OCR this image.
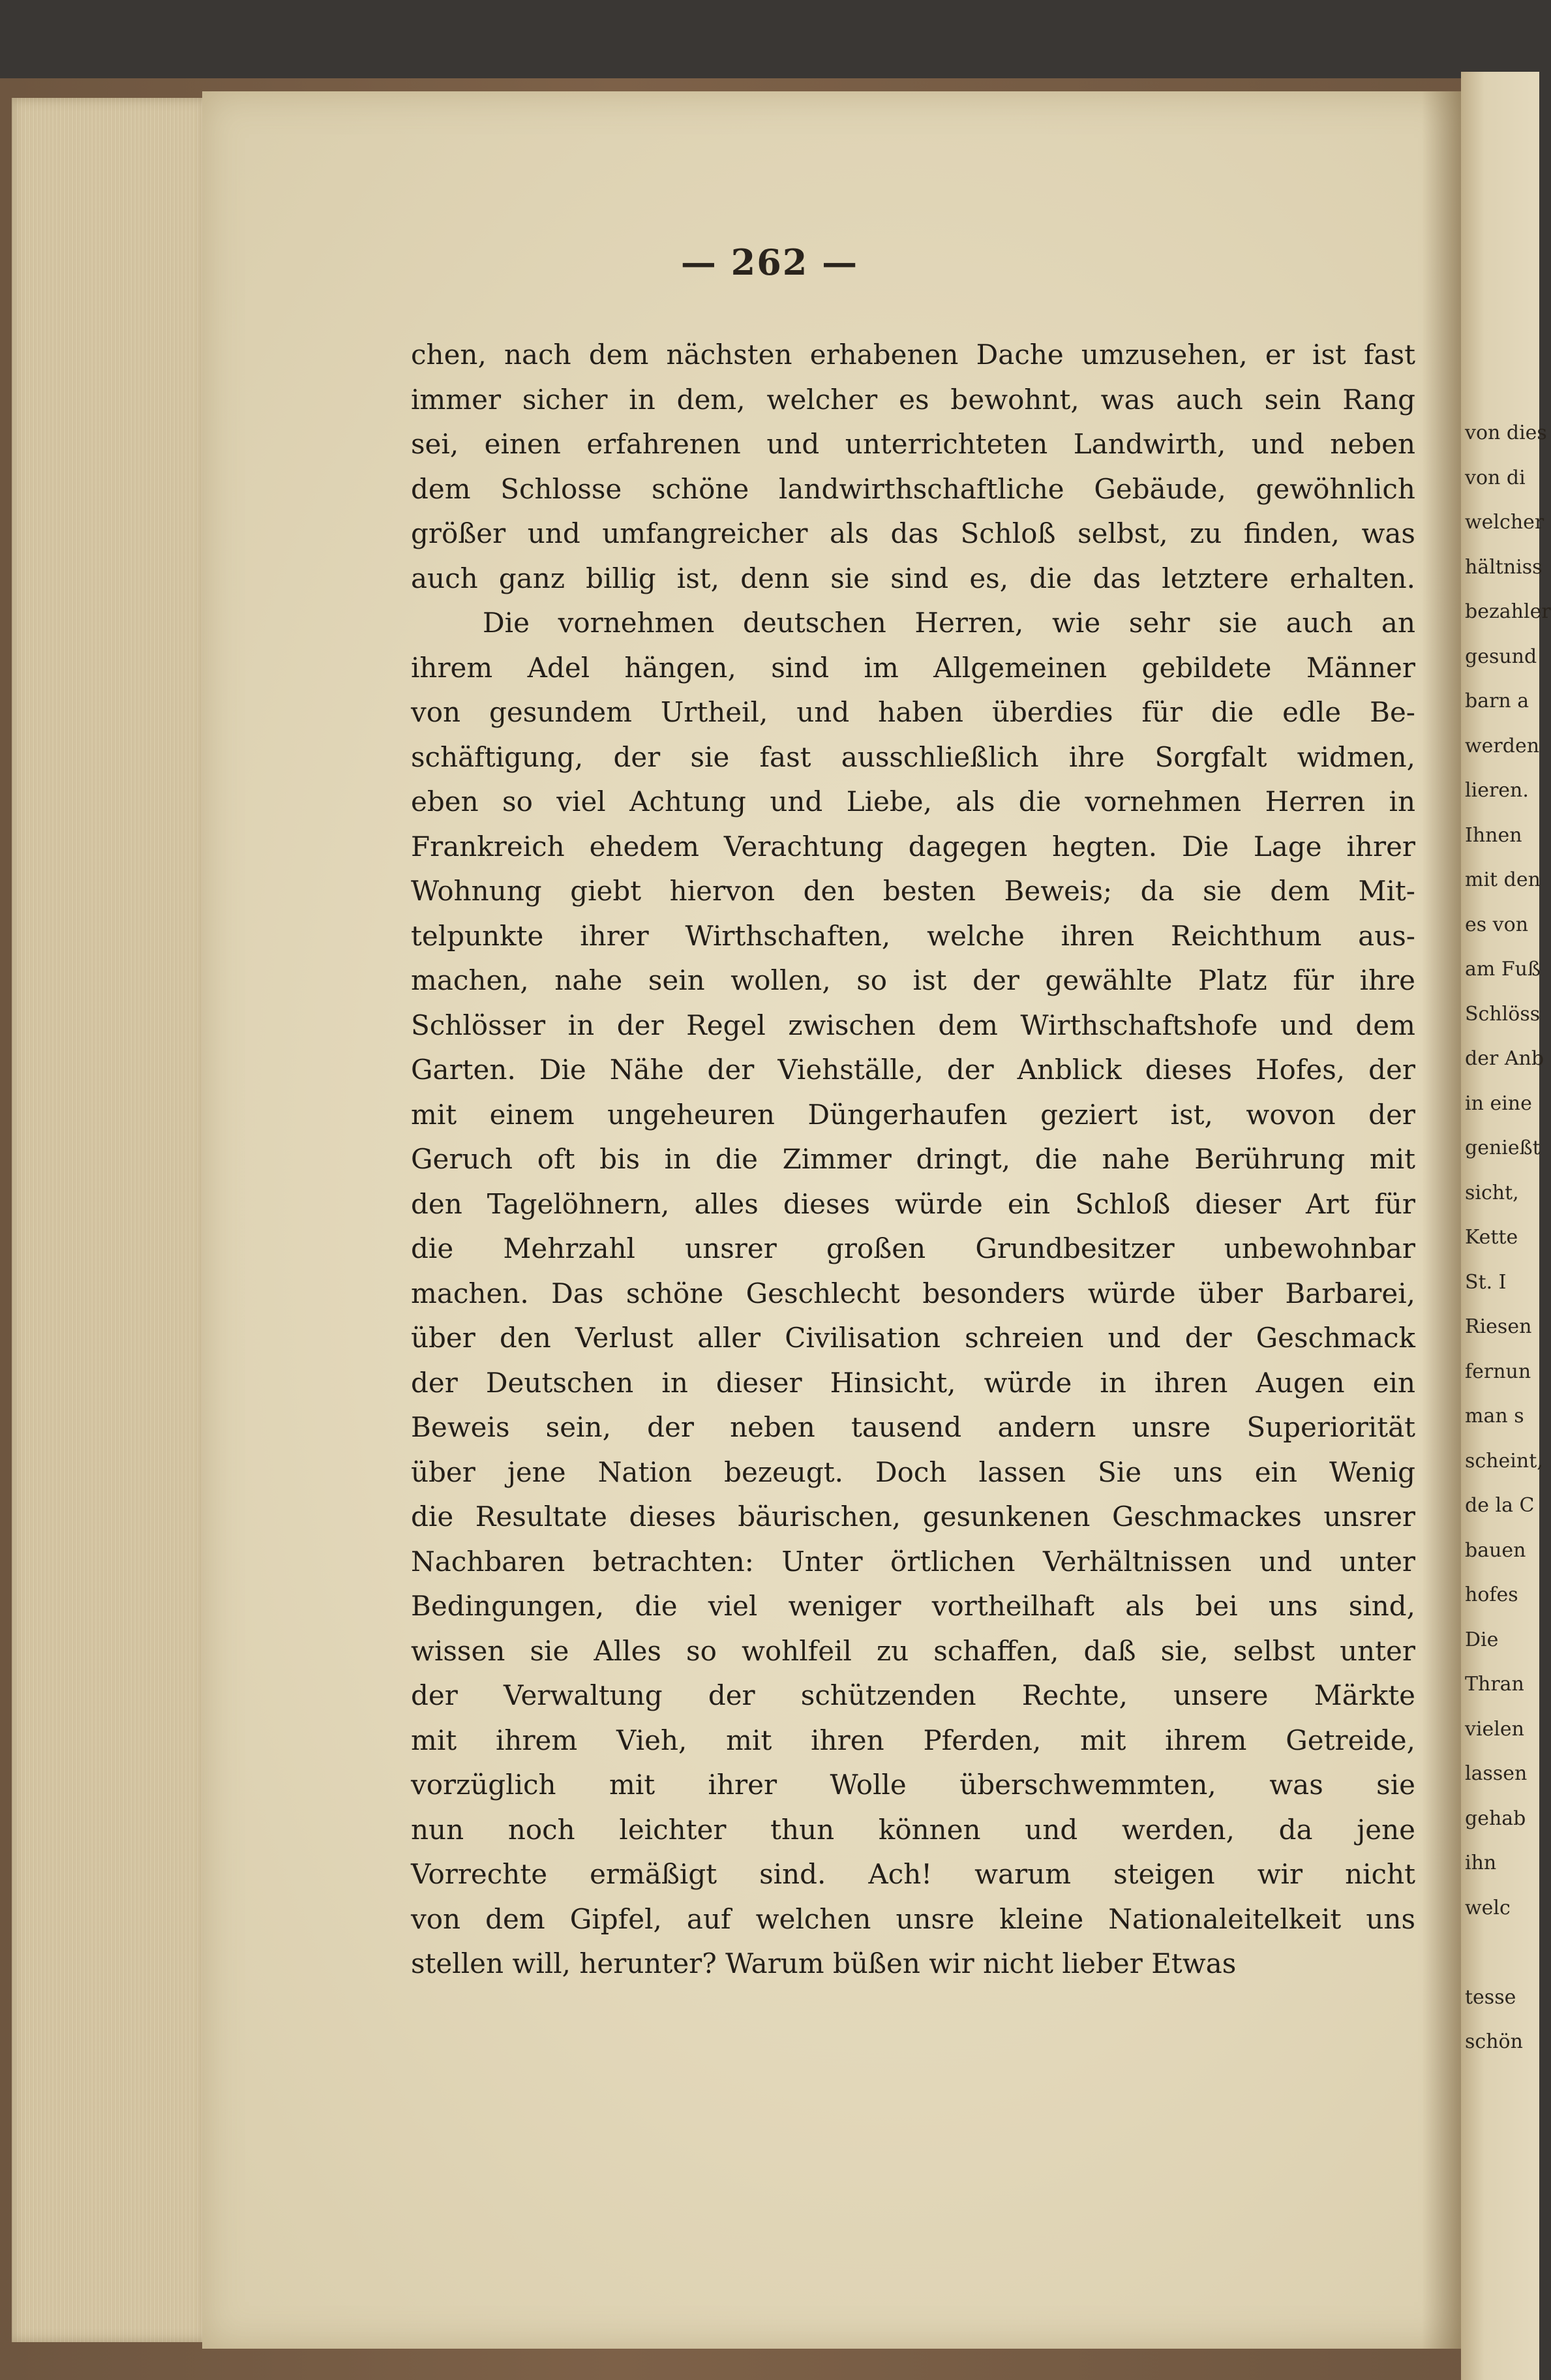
von dies
von di
welcher
hältniss
bezahler
gesund
barn a
werden
lieren.
Ihnen
mit den
es von
am Fuß
Schlöss
der Anb
in eine
genießt
sicht,
Kette
St. I
Riesen
fernun
man s
scheint,
de la C
bauen
hofes
Die
Thran
vielen
lassen
gehab
ihn
welc
tesse
schön
— 262 —
chen, nach dem nächsten erhabenen Dache umzusehen, er ist fast
immer sicher in dem, welcher es bewohnt, was auch sein Rang
sei, einen erfahrenen und unterrichteten Landwirth, und neben
dem Schlosse schöne landwirthschaftliche Gebäude, gewöhnlich
größer und umfangreicher als das Schloß selbst, zu finden, was
auch ganz billig ist, denn sie sind es, die das letztere erhalten.
Die vornehmen deutschen Herren, wie sehr sie auch an
ihrem Adel hängen, sind im Allgemeinen gebildete Männer
von gesundem Urtheil, und haben überdies für die edle Be-
schäftigung, der sie fast ausschließlich ihre Sorgfalt widmen,
eben so viel Achtung und Liebe, als die vornehmen Herren in
Frankreich ehedem Verachtung dagegen hegten. Die Lage ihrer
Wohnung giebt hiervon den besten Beweis; da sie dem Mit-
telpunkte ihrer Wirthschaften, welche ihren Reichthum aus-
machen, nahe sein wollen, so ist der gewählte Platz für ihre
Schlösser in der Regel zwischen dem Wirthschaftshofe und dem
Garten. Die Nähe der Viehställe, der Anblick dieses Hofes, der
mit einem ungeheuren Düngerhaufen geziert ist, wovon der
Geruch oft bis in die Zimmer dringt, die nahe Berührung mit
den Tagelöhnern, alles dieses würde ein Schloß dieser Art für
die Mehrzahl unsrer großen Grundbesitzer unbewohnbar
machen. Das schöne Geschlecht besonders würde über Barbarei,
über den Verlust aller Civilisation schreien und der Geschmack
der Deutschen in dieser Hinsicht, würde in ihren Augen ein
Beweis sein, der neben tausend andern unsre Superiorität
über jene Nation bezeugt. Doch lassen Sie uns ein Wenig
die Resultate dieses bäurischen, gesunkenen Geschmackes unsrer
Nachbaren betrachten: Unter örtlichen Verhältnissen und unter
Bedingungen, die viel weniger vortheilhaft als bei uns sind,
wissen sie Alles so wohlfeil zu schaffen, daß sie, selbst unter
der Verwaltung der schützenden Rechte, unsere Märkte
mit ihrem Vieh, mit ihren Pferden, mit ihrem Getreide,
vorzüglich mit ihrer Wolle überschwemmten, was sie
nun noch leichter thun können und werden, da jene
Vorrechte ermäßigt sind. Ach! warum steigen wir nicht
von dem Gipfel, auf welchen unsre kleine Nationaleitelkeit uns
stellen will, herunter? Warum büßen wir nicht lieber Etwas
